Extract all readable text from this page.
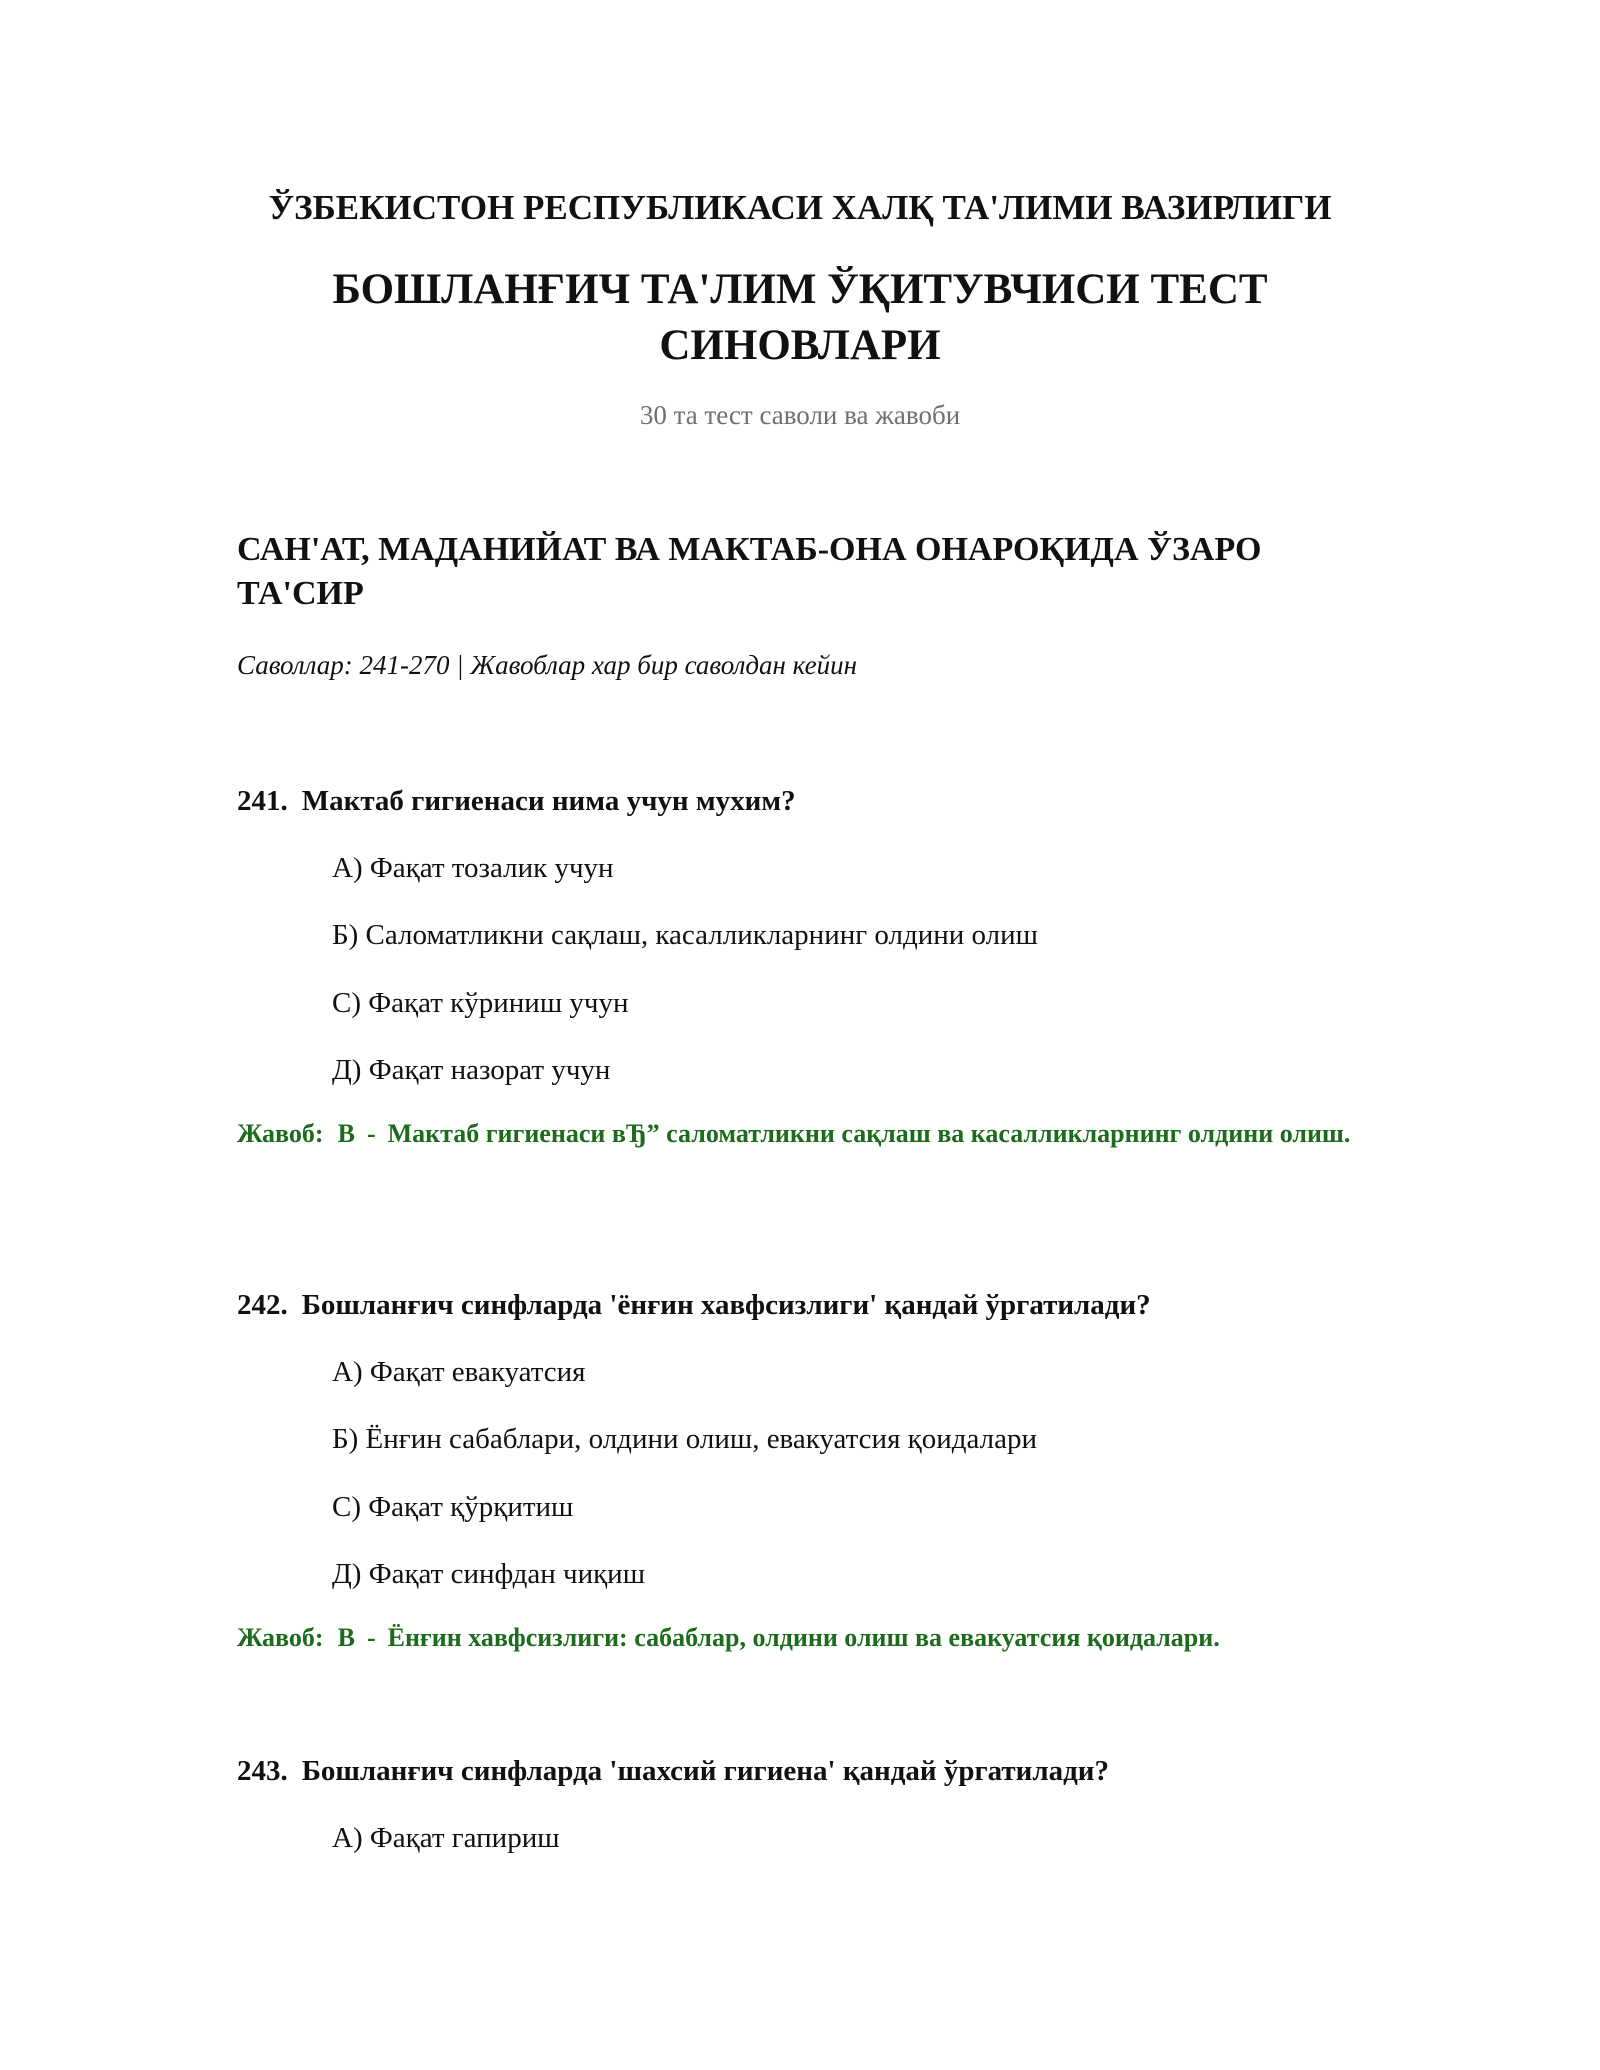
ЎЗБЕКИСТОН РЕСПУБЛИКАСИ ХАЛҚ ТА'ЛИМИ ВАЗИРЛИГИ
БОШЛАНҒИЧ ТА'ЛИМ ЎҚИТУВЧИСИ ТЕСТ СИНОВЛАРИ
30 та тест саволи ва жавоби
САН'АТ, МАДАНИЙАТ ВА МАКТАБ-ОНА ОНАРОҚИДА ЎЗАРО ТА'СИР
Саволлар: 241-270 | Жавоблар хар бир саволдан кейин
241. Мактаб гигиенаси нима учун мухим?
А) Фақат тозалик учун
Б) Саломатликни сақлаш, касалликларнинг олдини олиш
С) Фақат кўриниш учун
Д) Фақат назорат учун
Жавоб: В - Мактаб гигиенаси вЂ” саломатликни сақлаш ва касалликларнинг олдини олиш.
242. Бошланғич синфларда 'ёнғин хавфсизлиги' қандай ўргатилади?
А) Фақат евакуатсия
Б) Ёнғин сабаблари, олдини олиш, евакуатсия қоидалари
С) Фақат қўрқитиш
Д) Фақат синфдан чиқиш
Жавоб: В - Ёнғин хавфсизлиги: сабаблар, олдини олиш ва евакуатсия қоидалари.
243. Бошланғич синфларда 'шахсий гигиена' қандай ўргатилади?
А) Фақат гапириш
